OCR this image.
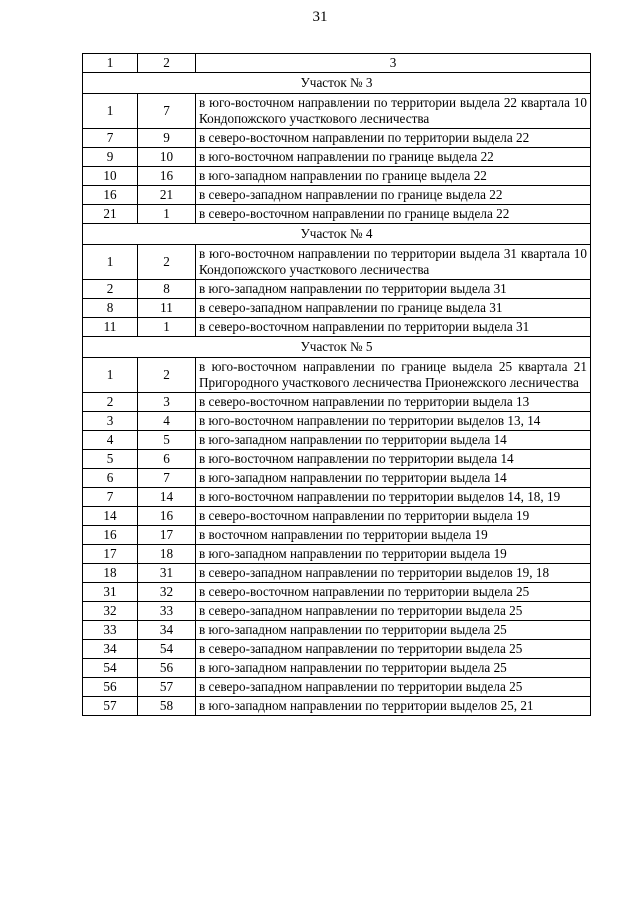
31
1	2	3
Участок № 3		
1	7	в юго-восточном направлении по территории выдела 22 квартала 10 Кондопожского участкового лесничества
7	9	в северо-восточном направлении по территории выдела 22
9	10	в юго-восточном направлении по границе выдела 22
10	16	в юго-западном направлении по границе выдела 22
16	21	в северо-западном направлении по границе выдела 22
21	1	в северо-восточном направлении по границе выдела 22
Участок № 4		
1	2	в юго-восточном направлении по территории выдела 31 квартала 10 Кондопожского участкового лесничества
2	8	в юго-западном направлении по территории выдела 31
8	11	в северо-западном направлении по границе выдела 31
11	1	в северо-восточном направлении по территории выдела 31
Участок № 5		
1	2	в юго-восточном направлении по границе выдела 25 квартала 21 Пригородного участкового лесничества Прионежского лесничества
2	3	в северо-восточном направлении по территории выдела 13
3	4	в юго-восточном направлении по территории выделов 13, 14
4	5	в юго-западном направлении по территории выдела 14
5	6	в юго-восточном направлении по территории выдела 14
6	7	в юго-западном направлении по территории выдела 14
7	14	в юго-восточном направлении по территории выделов 14, 18, 19
14	16	в северо-восточном направлении по территории выдела 19
16	17	в восточном направлении по территории выдела 19
17	18	в юго-западном направлении по территории выдела 19
18	31	в северо-западном направлении по территории выделов 19, 18
31	32	в северо-восточном направлении по территории выдела 25
32	33	в северо-западном направлении по территории выдела 25
33	34	в юго-западном направлении по территории выдела 25
34	54	в северо-западном направлении по территории выдела 25
54	56	в юго-западном направлении по территории выдела 25
56	57	в северо-западном направлении по территории выдела 25
57	58	в юго-западном направлении по территории выделов 25, 21
